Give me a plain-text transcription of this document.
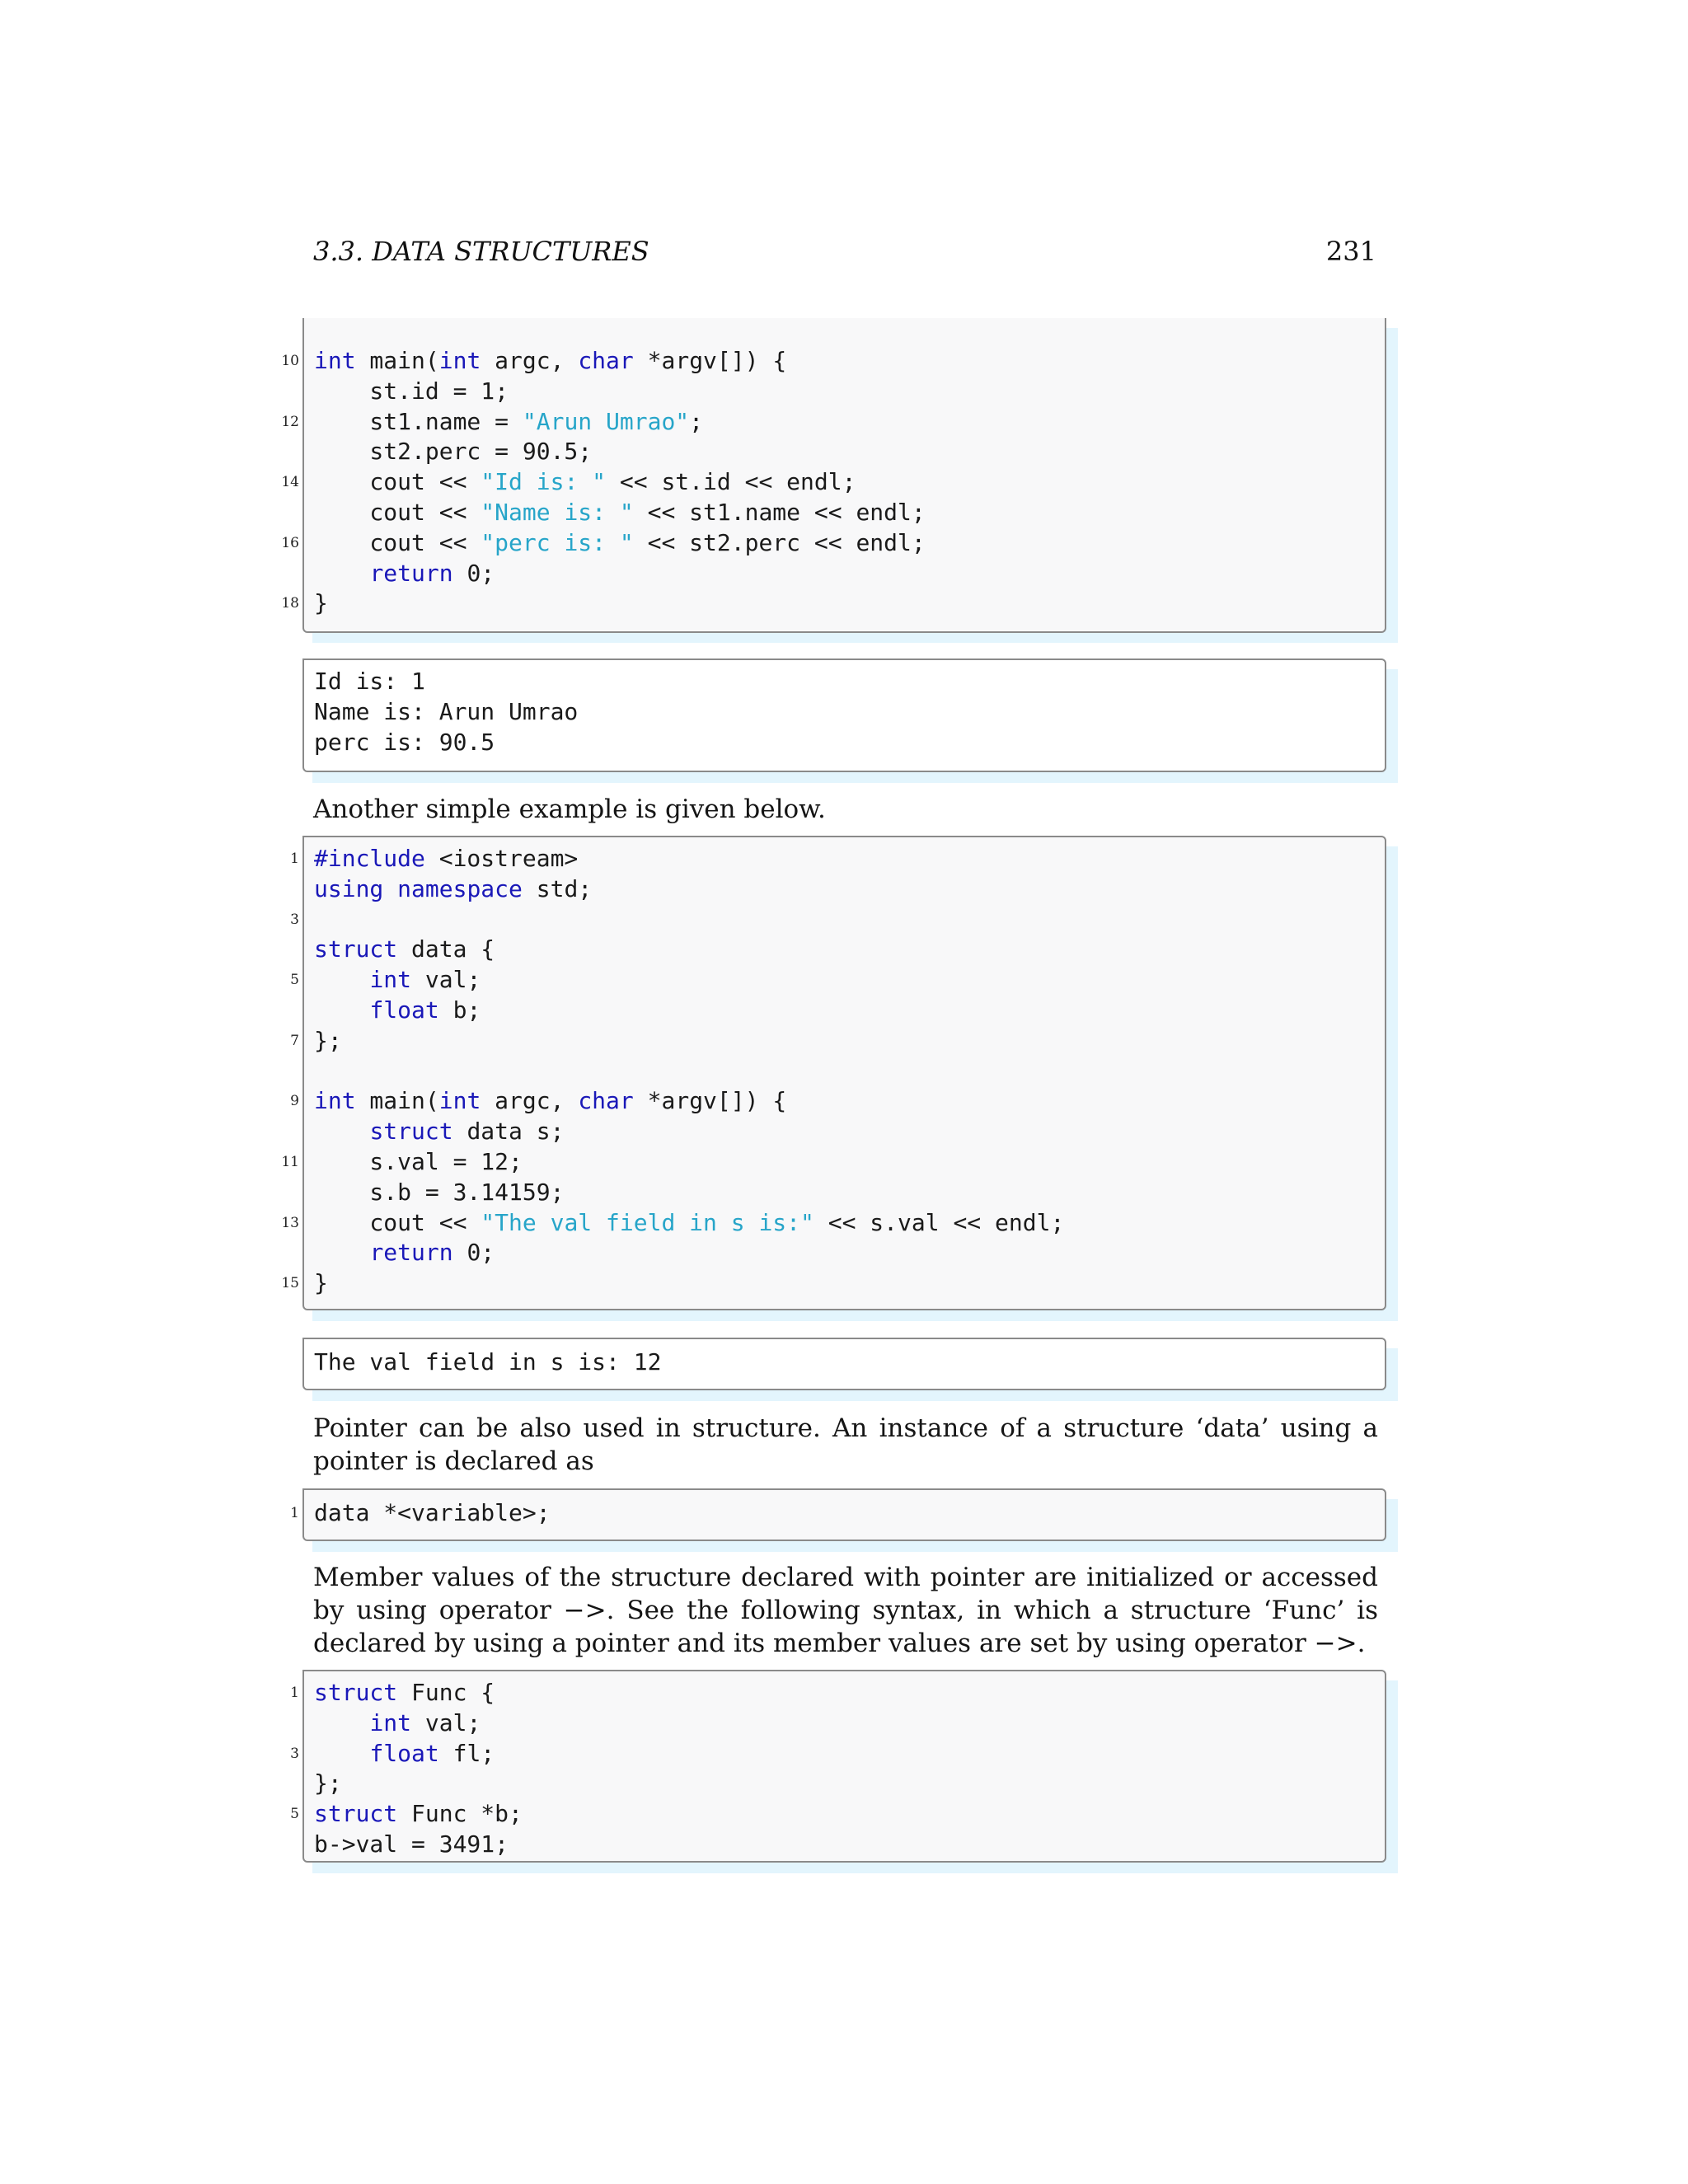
3.3. DATA STRUCTURES	231
10 int main(int argc, char *argv[]) {
st.id = 1;
12 st1.name = "Arun Umrao";
st2.perc = 90.5;
14 cout << "Id is: " << st.id << endl;
cout << "Name is: " << st1.name << endl;
16 cout << "perc is: " << st2.perc << endl;
return 0;
18 }
Id is: 1
Name is: Arun Umrao
perc is: 90.5

Another simple example is given below.

1 #include <iostream>
using namespace std;
3
struct data {
5	int val;
float b;
7 };
9 int main(int argc, char *argv[]) {
struct data s;
11 s.val = 12;
s.b = 3.14159;
13 cout << "The val field in s is:" << s.val << endl;
return 0;
15 }
The val field in s is: 12

Pointer can be also used in structure. An instance of a structure ‘data’ using a pointer is declared as

1 data *<variable>;

Member values of the structure declared with pointer are initialized or accessed by using operator −>. See the following syntax, in which a structure ‘Func’ is declared by using a pointer and its member values are set by using operator −>.

1 struct Func {
int val;
3	float fl;
};
5 struct Func *b;
b->val = 3491;
